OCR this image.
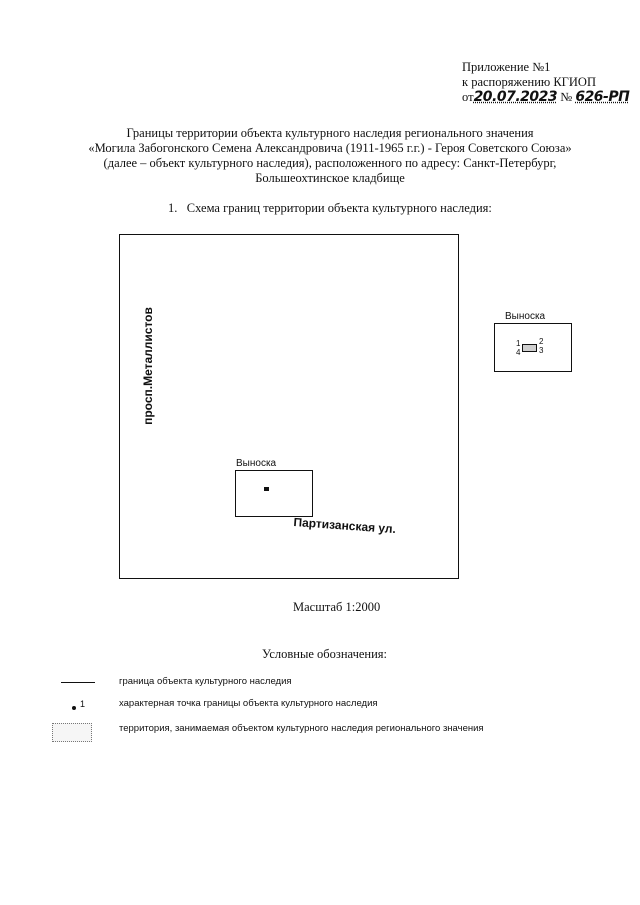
Приложение №1
к распоряжению КГИОП
от20.07.2023 № 626-РП
Границы территории объекта культурного наследия регионального значения
«Могила Забогонского Семена Александровича (1911-1965 г.г.) - Героя Советского Союза»
(далее – объект культурного наследия), расположенного по адресу: Санкт-Петербург,
Большеохтинское кладбище
1.   Схема границ территории объекта культурного наследия:
просп.Металлистов
Партизанская ул.
Выноска
Выноска
1 2
3
4
Масштаб 1:2000
Условные обозначения:
граница объекта культурного наследия
1	характерная точка границы объекта культурного наследия
территория, занимаемая объектом культурного наследия регионального значения
